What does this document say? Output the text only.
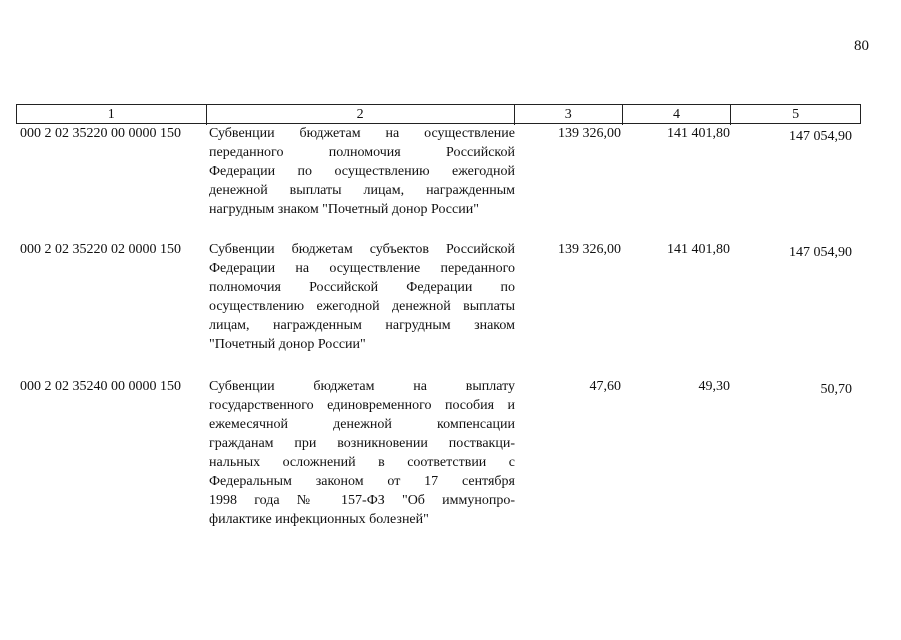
80
1	2	3	4	5
000 2 02 35220 00 0000 150 Субвенции бюджетам на осуществление
переданного полномочия Российской
Федерации по осуществлению ежегодной
денежной выплаты лицам, награжденным
нагрудным знаком "Почетный донор России"
139 326,00	141 401,80	147 054,90
000 2 02 35220 02 0000 150 Субвенции бюджетам субъектов Российской
Федерации на осуществление переданного
полномочия Российской Федерации по
осуществлению ежегодной денежной выплаты
лицам, награжденным нагрудным знаком
"Почетный донор России"
139 326,00	141 401,80	147 054,90
000 2 02 35240 00 0000 150 Субвенции бюджетам на выплату
государственного единовременного пособия и
ежемесячной денежной компенсации
гражданам при возникновении поствакци-
нальных осложнений в соответствии с
Федеральным законом от 17 сентября
1998 года № 157-ФЗ "Об иммунопро-
филактике инфекционных болезней"
47,60	49,30	50,70
